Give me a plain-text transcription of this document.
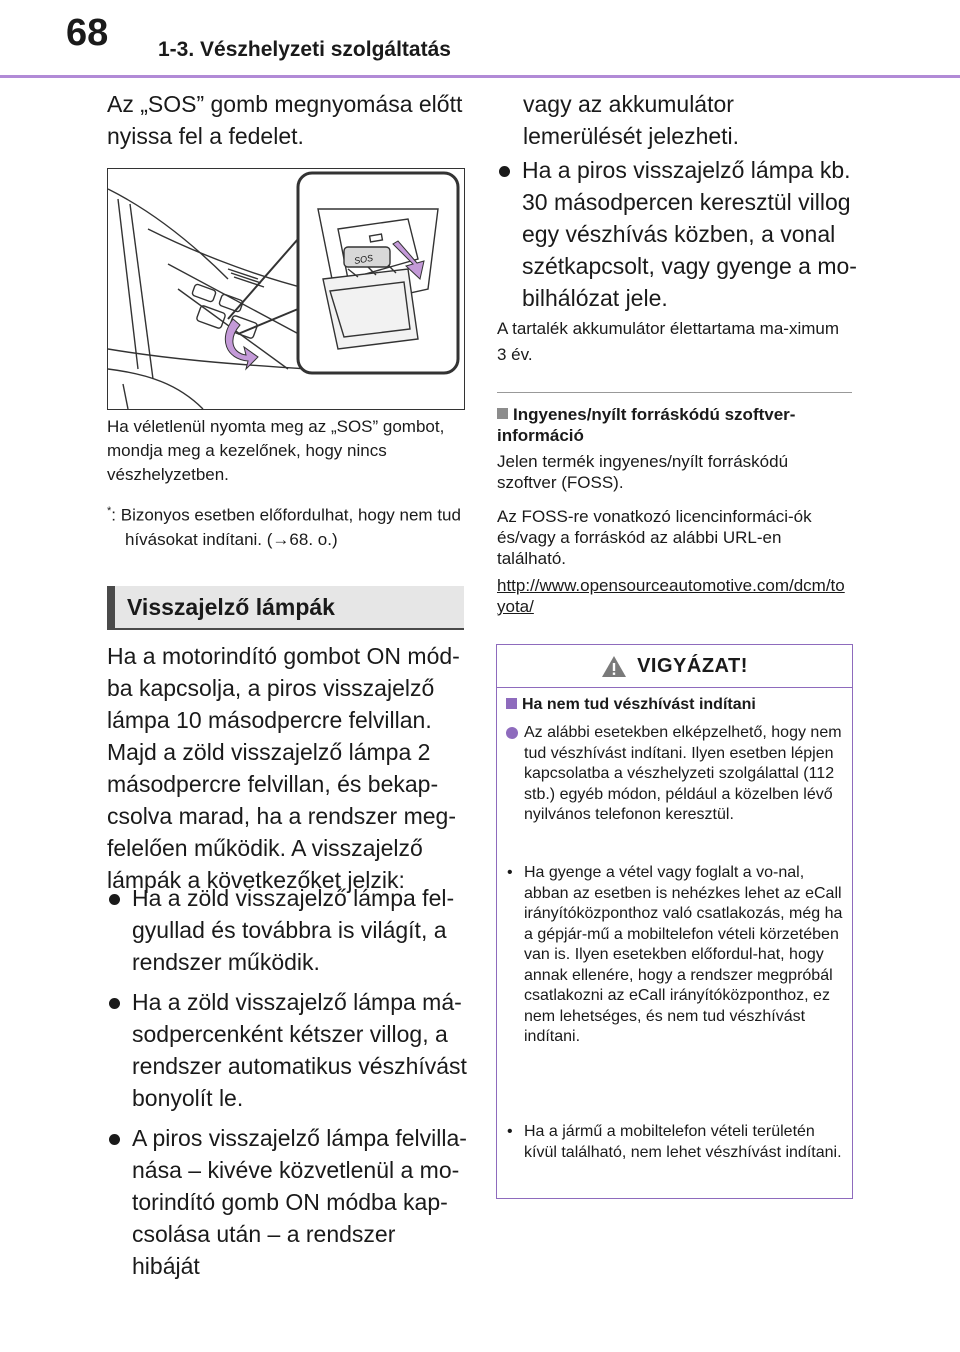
68 1-3. Vészhelyzeti szolgáltatás

Az „SOS” gomb megnyomása előtt nyissa fel a fedelet.

SOS

Ha véletlenül nyomta meg az „SOS” gombot, mondja meg a kezelőnek, hogy nincs vészhelyzetben.

*: Bizonyos esetben előfordulhat, hogy nem tud hívásokat indítani. (→68. o.)

Visszajelző lámpák

Ha a motorindító gombot ON mód-ba kapcsolja, a piros visszajelző lámpa 10 másodpercre felvillan. Majd a zöld visszajelző lámpa 2 másodpercre felvillan, és bekap-csolva marad, ha a rendszer meg-felelően működik. A visszajelző lámpák a következőket jelzik:

Ha a zöld visszajelző lámpa fel-gyullad és továbbra is világít, a rendszer működik.

Ha a zöld visszajelző lámpa má-sodpercenként kétszer villog, a rendszer automatikus vészhívást bonyolít le.

A piros visszajelző lámpa felvilla-nása – kivéve közvetlenül a mo-torindító gomb ON módba kap-csolása után – a rendszer hibáját

vagy az akkumulátor lemerülését jelezheti.

Ha a piros visszajelző lámpa kb. 30 másodpercen keresztül villog egy vészhívás közben, a vonal szétkapcsolt, vagy gyenge a mo-bilhálózat jele.

A tartalék akkumulátor élettartama ma-ximum 3 év.

Ingyenes/nyílt forráskódú szoftver-információ

Jelen termék ingyenes/nyílt forráskódú szoftver (FOSS).

Az FOSS-re vonatkozó licencinformáci-ók és/vagy a forráskód az alábbi URL-en található.

http://www.opensourceautomotive.com/dcm/toyota/
VIGYÁZAT!
Ha nem tud vészhívást indítani
Az alábbi esetekben elképzelhető, hogy nem tud vészhívást indítani. Ilyen esetben lépjen kapcsolatba a vészhelyzeti szolgálattal (112 stb.) egyéb módon, például a közelben lévő nyilvános telefonon keresztül.
• Ha gyenge a vétel vagy foglalt a vo-nal, abban az esetben is nehézkes lehet az eCall irányítóközponthoz való csatlakozás, még ha a gépjár-mű a mobiltelefon vételi körzetében van is. Ilyen esetekben előfordul-hat, hogy annak ellenére, hogy a rendszer megpróbál csatlakozni az eCall irányítóközponthoz, ez nem lehetséges, és nem tud vészhívást indítani.
• Ha a jármű a mobiltelefon vételi területén kívül található, nem lehet vészhívást indítani.
